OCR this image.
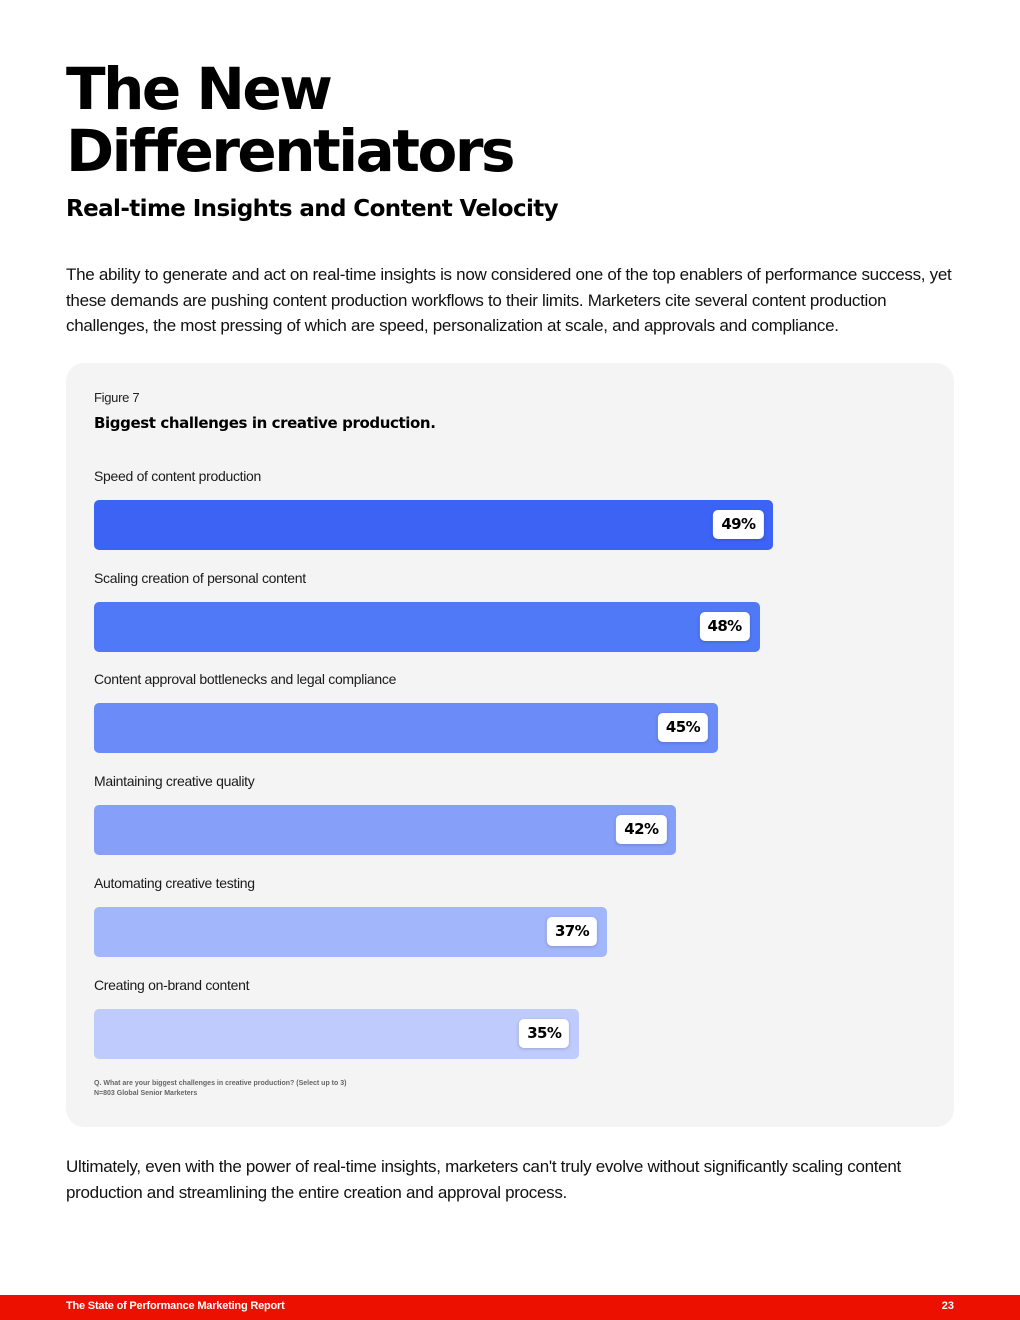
The New Differentiators
Real-time Insights and Content Velocity

The ability to generate and act on real-time insights is now considered one of the top enablers of performance success, yet these demands are pushing content production workflows to their limits. Marketers cite several content production challenges, the most pressing of which are speed, personalization at scale, and approvals and compliance.

Figure 7
Biggest challenges in creative production.
Speed of content production
49%
Scaling creation of personal content
48%
Content approval bottlenecks and legal compliance
45%
Maintaining creative quality
42%
Automating creative testing
37%
Creating on-brand content
35%
Q. What are your biggest challenges in creative production? (Select up to 3)
N=803 Global Senior Marketers

Ultimately, even with the power of real-time insights, marketers can't truly evolve without significantly scaling content production and streamlining the entire creation and approval process.

The State of Performance Marketing Report	23
